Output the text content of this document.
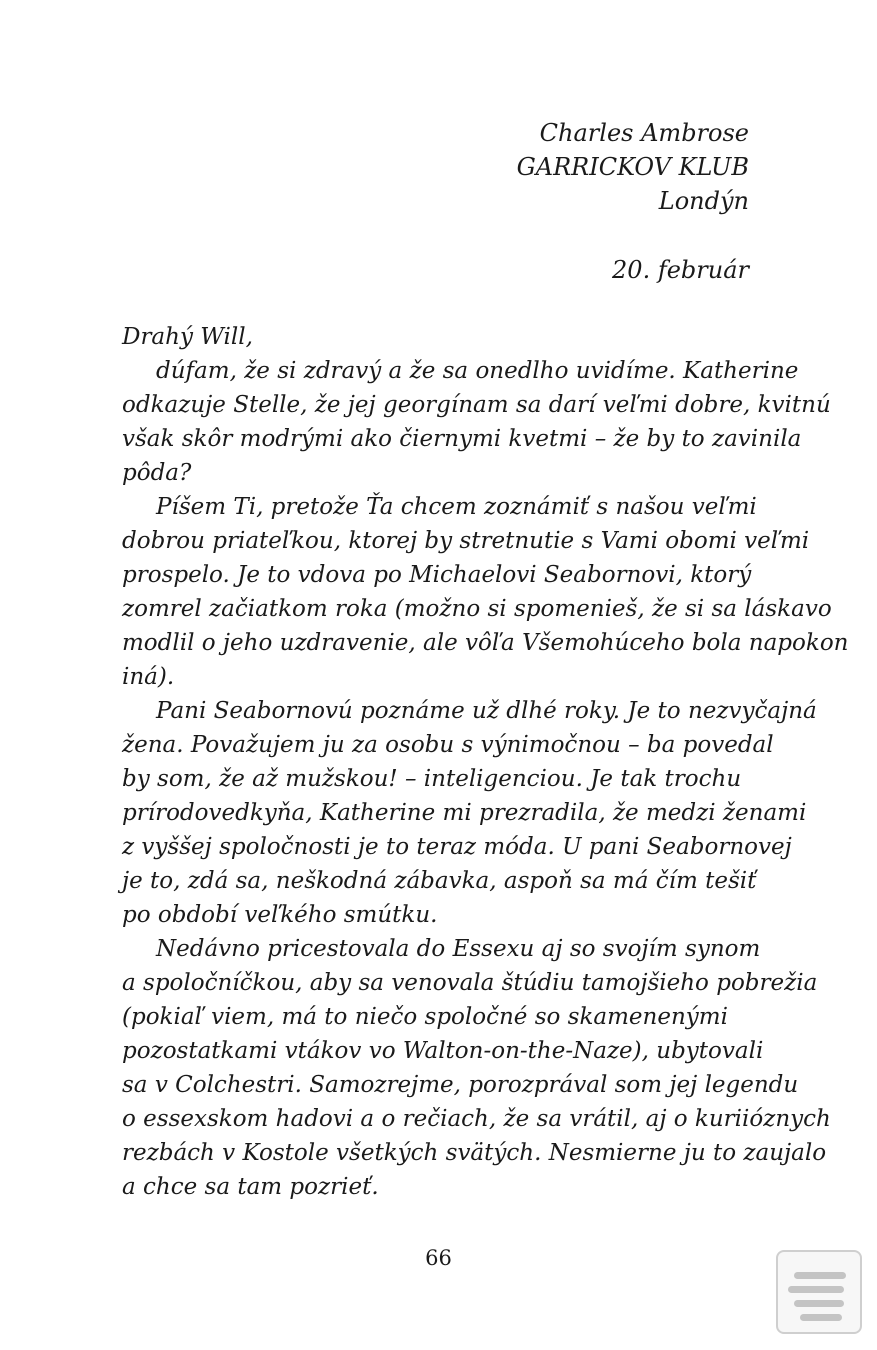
Charles Ambrose
GARRICKOV KLUB
Londýn
20. február
Drahý Will,
dúfam, že si zdravý a že sa onedlho uvidíme. Katherine
odkazuje Stelle, že jej georgínam sa darí veľmi dobre, kvitnú
však skôr modrými ako čiernymi kvetmi – že by to zavinila
pôda?
Píšem Ti, pretože Ťa chcem zoznámiť s našou veľmi
dobrou priateľkou, ktorej by stretnutie s Vami obomi veľmi
prospelo. Je to vdova po Michaelovi Seabornovi, ktorý
zomrel začiatkom roka (možno si spomenieš, že si sa láskavo
modlil o jeho uzdravenie, ale vôľa Všemohúceho bola napokon
iná).
Pani Seabornovú poznáme už dlhé roky. Je to nezvyčajná
žena. Považujem ju za osobu s výnimočnou – ba povedal
by som, že až mužskou! – inteligenciou. Je tak trochu
prírodovedkyňa, Katherine mi prezradila, že medzi ženami
z vyššej spoločnosti je to teraz móda. U pani Seabornovej
je to, zdá sa, neškodná zábavka, aspoň sa má čím tešiť
po období veľkého smútku.
Nedávno pricestovala do Essexu aj so svojím synom
a spoločníčkou, aby sa venovala štúdiu tamojšieho pobrežia
(pokiaľ viem, má to niečo spoločné so skamenenými
pozostatkami vtákov vo Walton-on-the-Naze), ubytovali
sa v Colchestri. Samozrejme, porozprával som jej legendu
o essexskom hadovi a o rečiach, že sa vrátil, aj o kuriióznych
rezbách v Kostole všetkých svätých. Nesmierne ju to zaujalo
a chce sa tam pozrieť.
66
